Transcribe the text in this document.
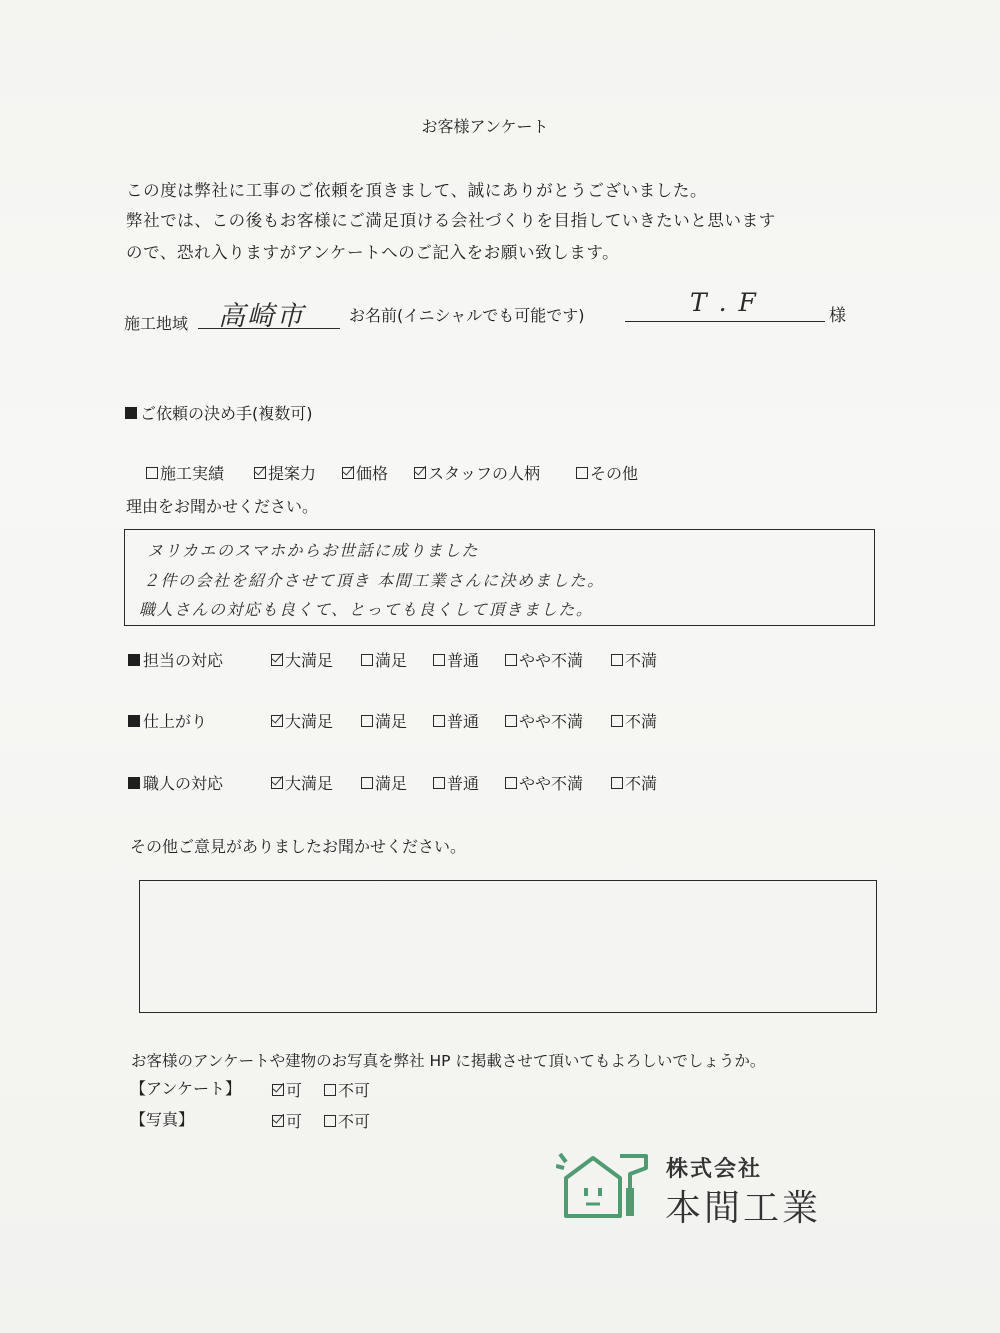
お客様アンケート
この度は弊社に工事のご依頼を頂きまして、誠にありがとうございました。
弊社では、この後もお客様にご満足頂ける会社づくりを目指していきたいと思います
ので、恐れ入りますがアンケートへのご記入をお願い致します。
施工地域 高崎市	お名前(イニシャルでも可能です)	T . F	様
ご依頼の決め手(複数可)
施工実績	提案力 価格 スタッフの人柄	その他
理由をお聞かせください。
ヌリカエのスマホからお世話に成りました
２件の会社を紹介させて頂き 本間工業さんに決めました。
職人さんの対応も良くて、とっても良くして頂きました。
担当の対応	大満足	満足 普通 やや不満	不満
仕上がり	大満足	満足 普通 やや不満	不満
職人の対応	大満足	満足 普通 やや不満	不満
その他ご意見がありましたお聞かせください。
お客様のアンケートや建物のお写真を弊社 HP に掲載させて頂いてもよろしいでしょうか。
【アンケート】	可 不可
【写真】	可 不可
株式会社
本間工業
